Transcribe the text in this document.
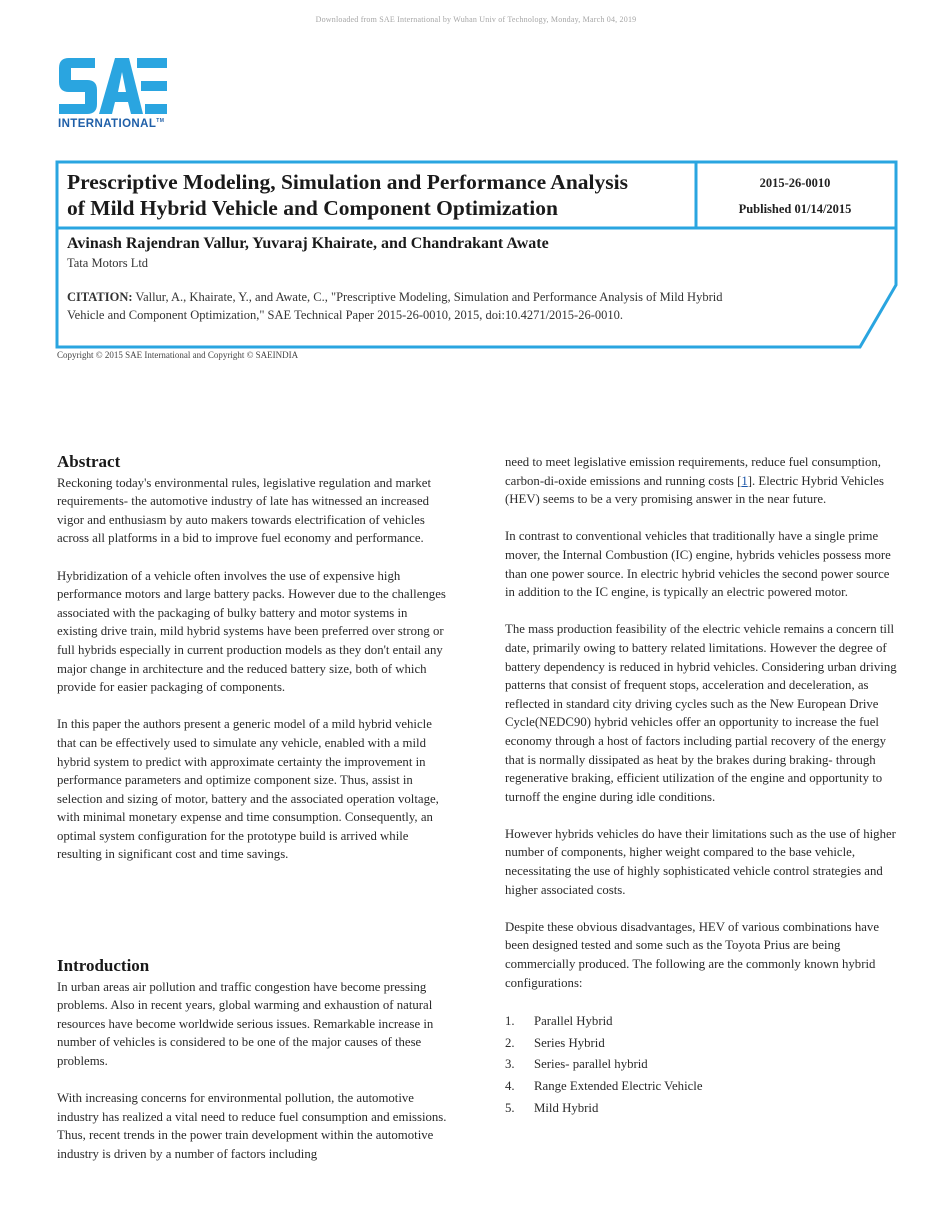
Downloaded from SAE International by Wuhan Univ of Technology, Monday, March 04, 2019
INTERNATIONAL™
Prescriptive Modeling, Simulation and Performance Analysis
of Mild Hybrid Vehicle and Component Optimization
2015-26-0010
Published 01/14/2015
Avinash Rajendran Vallur, Yuvaraj Khairate, and Chandrakant Awate
Tata Motors Ltd
CITATION: Vallur, A., Khairate, Y., and Awate, C., "Prescriptive Modeling, Simulation and Performance Analysis of Mild Hybrid
Vehicle and Component Optimization," SAE Technical Paper 2015-26-0010, 2015, doi:10.4271/2015-26-0010.
Copyright © 2015 SAE International and Copyright © SAEINDIA
Abstract

Reckoning today's environmental rules, legislative regulation and market requirements- the automotive industry of late has witnessed an increased vigor and enthusiasm by auto makers towards electrification of vehicles across all platforms in a bid to improve fuel economy and performance.

Hybridization of a vehicle often involves the use of expensive high performance motors and large battery packs. However due to the challenges associated with the packaging of bulky battery and motor systems in existing drive train, mild hybrid systems have been preferred over strong or full hybrids especially in current production models as they don't entail any major change in architecture and the reduced battery size, both of which provide for easier packaging of components.

In this paper the authors present a generic model of a mild hybrid vehicle that can be effectively used to simulate any vehicle, enabled with a mild hybrid system to predict with approximate certainty the improvement in performance parameters and optimize component size. Thus, assist in selection and sizing of motor, battery and the associated operation voltage, with minimal monetary expense and time consumption. Consequently, an optimal system configuration for the prototype build is arrived while resulting in significant cost and time savings.

Introduction

In urban areas air pollution and traffic congestion have become pressing problems. Also in recent years, global warming and exhaustion of natural resources have become worldwide serious issues. Remarkable increase in number of vehicles is considered to be one of the major causes of these problems.

With increasing concerns for environmental pollution, the automotive industry has realized a vital need to reduce fuel consumption and emissions. Thus, recent trends in the power train development within the automotive industry is driven by a number of factors including

need to meet legislative emission requirements, reduce fuel consumption, carbon-di-oxide emissions and running costs [1]. Electric Hybrid Vehicles (HEV) seems to be a very promising answer in the near future.

In contrast to conventional vehicles that traditionally have a single prime mover, the Internal Combustion (IC) engine, hybrids vehicles possess more than one power source. In electric hybrid vehicles the second power source in addition to the IC engine, is typically an electric powered motor.

The mass production feasibility of the electric vehicle remains a concern till date, primarily owing to battery related limitations. However the degree of battery dependency is reduced in hybrid vehicles. Considering urban driving patterns that consist of frequent stops, acceleration and deceleration, as reflected in standard city driving cycles such as the New European Drive Cycle(NEDC90) hybrid vehicles offer an opportunity to increase the fuel economy through a host of factors including partial recovery of the energy that is normally dissipated as heat by the brakes during braking- through regenerative braking, efficient utilization of the engine and opportunity to turnoff the engine during idle conditions.

However hybrids vehicles do have their limitations such as the use of higher number of components, higher weight compared to the base vehicle, necessitating the use of highly sophisticated vehicle control strategies and higher associated costs.

Despite these obvious disadvantages, HEV of various combinations have been designed tested and some such as the Toyota Prius are being commercially produced. The following are the commonly known hybrid configurations:

1.	Parallel Hybrid
2.	Series Hybrid
3.	Series- parallel hybrid
4.	Range Extended Electric Vehicle
5.	Mild Hybrid
